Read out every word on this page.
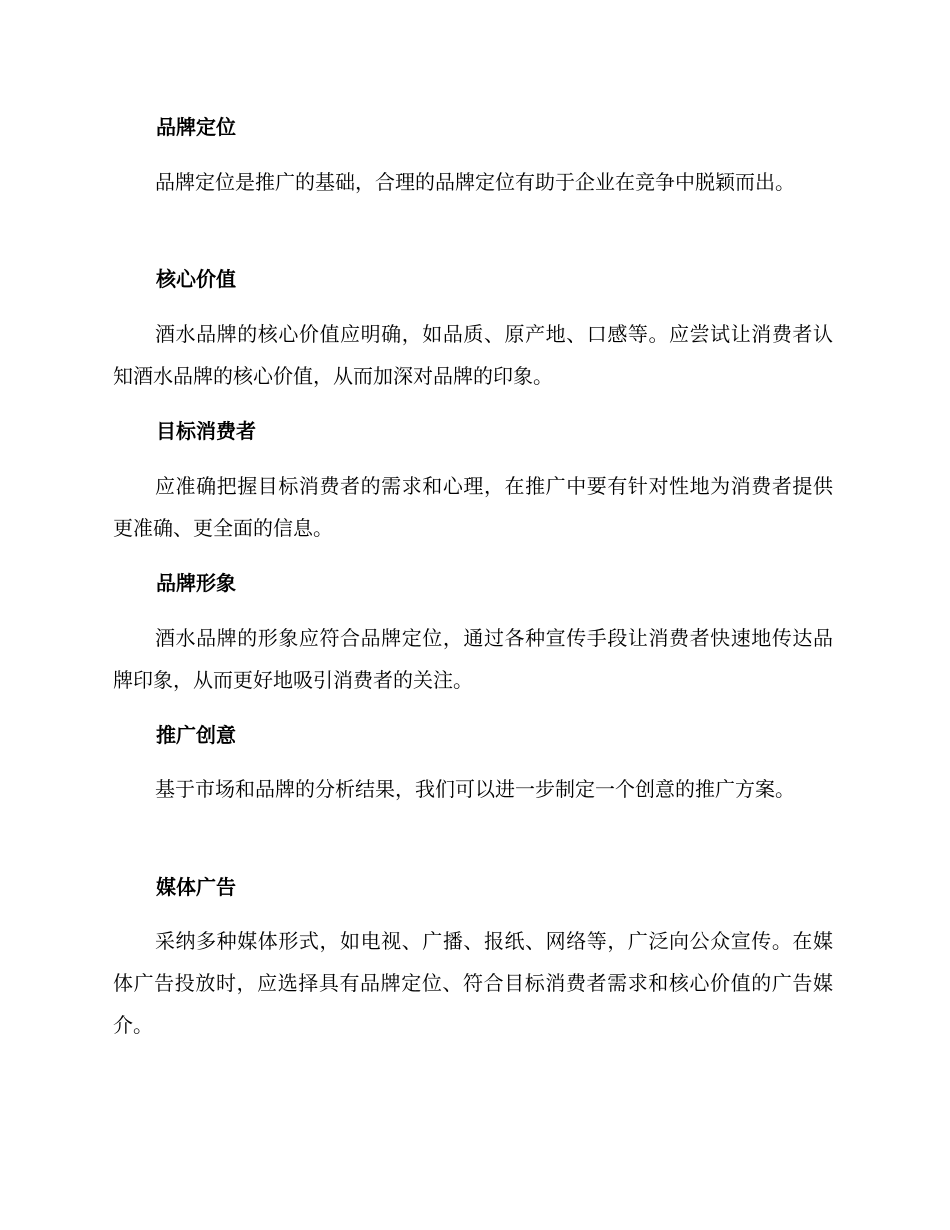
品牌定位

品牌定位是推广的基础，合理的品牌定位有助于企业在竞争中脱颖而出。

核心价值

酒水品牌的核心价值应明确，如品质、原产地、口感等。应尝试让消费者认知酒水品牌的核心价值，从而加深对品牌的印象。

目标消费者

应准确把握目标消费者的需求和心理，在推广中要有针对性地为消费者提供更准确、更全面的信息。

品牌形象

酒水品牌的形象应符合品牌定位，通过各种宣传手段让消费者快速地传达品牌印象，从而更好地吸引消费者的关注。

推广创意

基于市场和品牌的分析结果，我们可以进一步制定一个创意的推广方案。

媒体广告

采纳多种媒体形式，如电视、广播、报纸、网络等，广泛向公众宣传。在媒体广告投放时，应选择具有品牌定位、符合目标消费者需求和核心价值的广告媒介。
